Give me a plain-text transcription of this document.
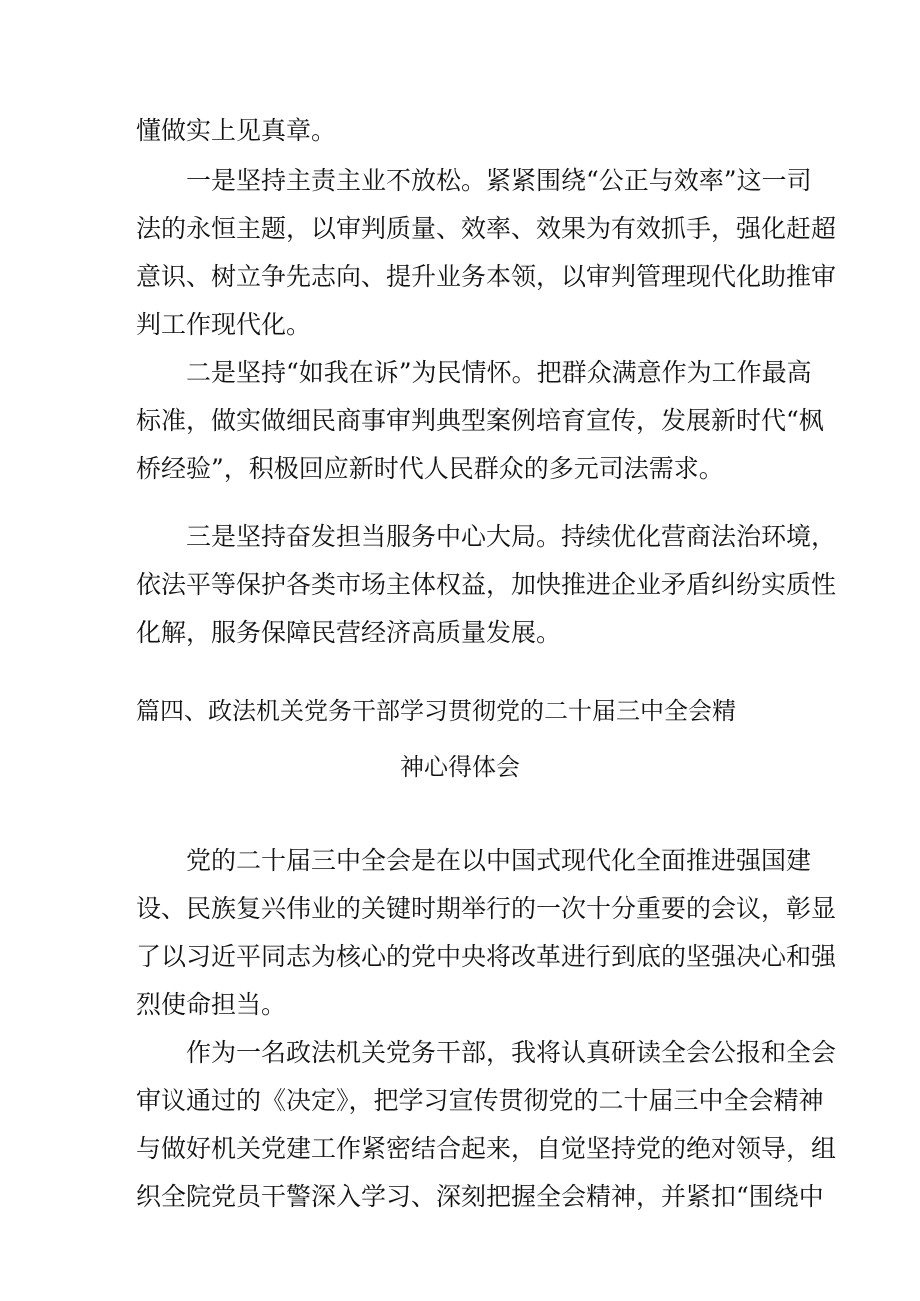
懂做实上见真章。
一是坚持主责主业不放松。紧紧围绕“公正与效率”这一司
法的永恒主题，以审判质量、效率、效果为有效抓手，强化赶超
意识、树立争先志向、提升业务本领，以审判管理现代化助推审
判工作现代化。
二是坚持“如我在诉”为民情怀。把群众满意作为工作最高
标准，做实做细民商事审判典型案例培育宣传，发展新时代“枫
桥经验”，积极回应新时代人民群众的多元司法需求。
三是坚持奋发担当服务中心大局。持续优化营商法治环境，
依法平等保护各类市场主体权益，加快推进企业矛盾纠纷实质性
化解，服务保障民营经济高质量发展。
篇四、政法机关党务干部学习贯彻党的二十届三中全会精
神心得体会
党的二十届三中全会是在以中国式现代化全面推进强国建
设、民族复兴伟业的关键时期举行的一次十分重要的会议，彰显
了以习近平同志为核心的党中央将改革进行到底的坚强决心和强
烈使命担当。
作为一名政法机关党务干部，我将认真研读全会公报和全会
审议通过的《决定》，把学习宣传贯彻党的二十届三中全会精神
与做好机关党建工作紧密结合起来，自觉坚持党的绝对领导，组
织全院党员干警深入学习、深刻把握全会精神，并紧扣“围绕中
